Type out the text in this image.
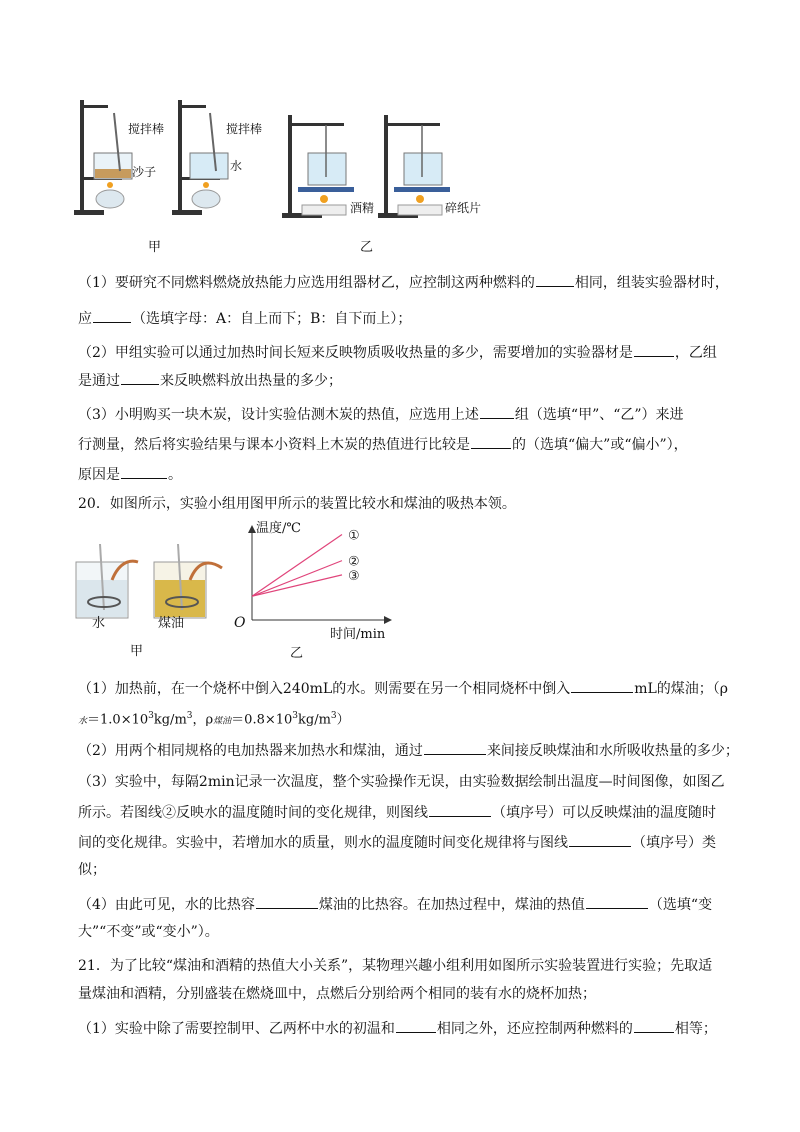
搅拌棒
沙子
搅拌棒
水
酒精	碎纸片
甲	乙
（1）要研究不同燃料燃烧放热能力应选用组器材乙，应控制这两种燃料的	相同，组装实验器材时，
应	（选填字母：A：自上而下；B：自下而上）；
（2）甲组实验可以通过加热时间长短来反映物质吸收热量的多少，需要增加的实验器材是	，乙组
是通过	来反映燃料放出热量的多少；
（3）小明购买一块木炭，设计实验估测木炭的热值，应选用上述	组（选填“甲”、“乙”）来进
行测量，然后将实验结果与课本小资料上木炭的热值进行比较是	的（选填“偏大”或“偏小”），
原因是	。
20．如图所示，实验小组用图甲所示的装置比较水和煤油的吸热本领。
水	煤油
甲
①
②
③
温度/℃
O
时间/min
乙
（1）加热前，在一个烧杯中倒入240mL的水。则需要在另一个相同烧杯中倒入	mL的煤油；（ρ
水$=1.0\times 10^3kg/m^3$，ρ煤油$=0.8\times 10^3kg/m^3$）
（2）用两个相同规格的电加热器来加热水和煤油，通过	来间接反映煤油和水所吸收热量的多少；
（3）实验中，每隔2min记录一次温度，整个实验操作无误，由实验数据绘制出温度—时间图像，如图乙
所示。若图线②反映水的温度随时间的变化规律，则图线	（填序号）可以反映煤油的温度随时
间的变化规律。实验中，若增加水的质量，则水的温度随时间变化规律将与图线	（填序号）类
似；
（4）由此可见，水的比热容	煤油的比热容。在加热过程中，煤油的热值	（选填“变
大”“不变”或“变小”）。
21．为了比较“煤油和酒精的热值大小关系”，某物理兴趣小组利用如图所示实验装置进行实验；先取适
量煤油和酒精，分别盛装在燃烧皿中，点燃后分别给两个相同的装有水的烧杯加热；
（1）实验中除了需要控制甲、乙两杯中水的初温和	相同之外，还应控制两种燃料的	相等；
